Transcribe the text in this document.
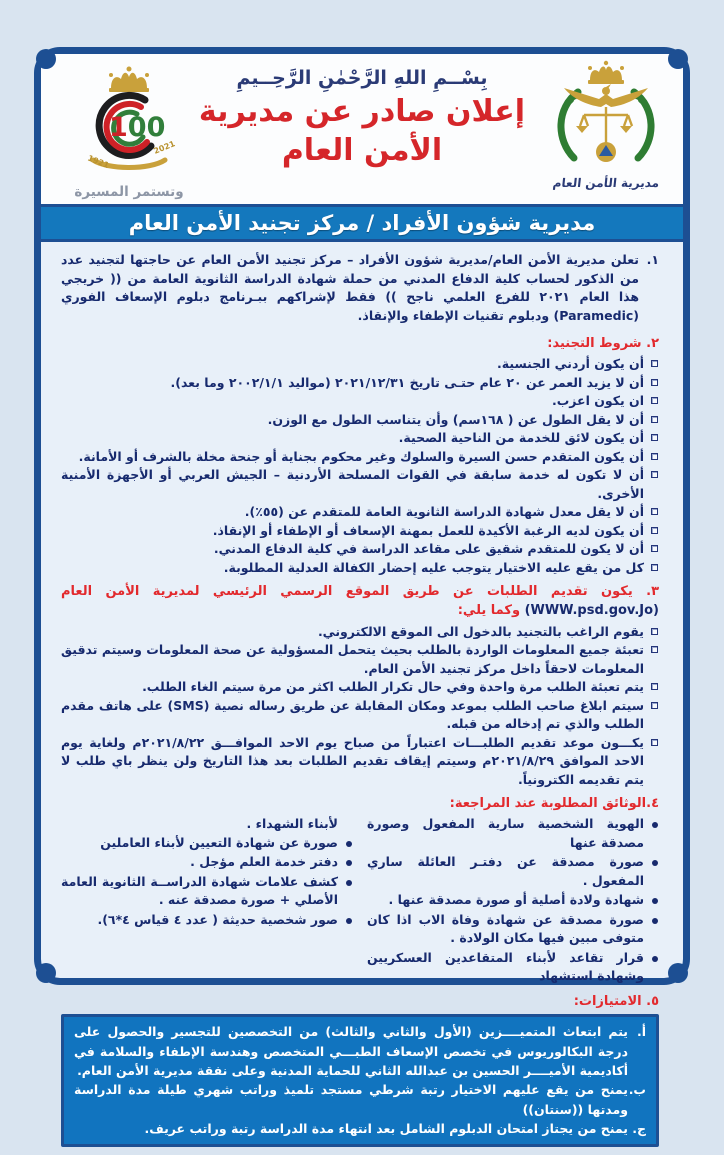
بِسْــمِ اللهِ الرَّحْمٰنِ الرَّحِــيمِ
إعلان صادر عن مديرية
الأمن العام
100
1921
2021
وتستمر المسيرة
مديرية الأمن العام
مديرية شؤون الأفراد / مركز تجنيد الأمن العام
١.
تعلن مديرية الأمن العام/مديرية شؤون الأفراد – مركز تجنيد الأمن العام عن حاجتها لتجنيد عدد من الذكور لحساب كلية الدفاع المدني من حملة شهادة الدراسة الثانوية العامة من (( خريجي هذا العام ٢٠٢١ للفرع العلمي ناجح )) فقط لإشراكهم ببـرنامج دبلوم الإسعاف الفوري (Paramedic) ودبلوم تقنيات الإطفاء والإنقاذ.
٢. شروط التجنيد:
أن يكون أردني الجنسية.
أن لا يزيد العمر عن ٢٠ عام حتـى تاريخ ٢٠٢١/١٢/٣١ (مواليد ٢٠٠٢/١/١ وما بعد).
ان يكون اعزب.
أن لا يقل الطول عن ( ١٦٨سم) وأن يتناسب الطول مع الوزن.
أن يكون لائق للخدمة من الناحية الصحية.
أن يكون المتقدم حسن السيرة والسلوك وغير محكوم بجناية أو جنحة مخلة بالشرف أو الأمانة.
أن لا تكون له خدمة سابقة في القوات المسلحة الأردنية – الجيش العربي أو الأجهزة الأمنية الأخرى.
أن لا يقل معدل شهادة الدراسة الثانوية العامة للمتقدم عن (٥٥٪).
أن يكون لديه الرغبة الأكيدة للعمل بمهنة الإسعاف أو الإطفاء أو الإنقاذ.
أن لا يكون للمتقدم شقيق على مقاعد الدراسة في كلية الدفاع المدني.
كل من يقع عليه الاختيار يتوجب عليه إحضار الكفالة العدلية المطلوبة.
٣. يكون تقديم الطلبات عن طريق الموقع الرسمي الرئيسي لمديرية الأمن العام (WWW.psd.gov.Jo) وكما يلي:
يقوم الراغب بالتجنيد بالدخول الى الموقع الالكتروني.
تعبئة جميع المعلومات الواردة بالطلب بحيث يتحمل المسؤولية عن صحة المعلومات وسيتم تدقيق المعلومات لاحقاً داخل مركز تجنيد الأمن العام.
يتم تعبئة الطلب مرة واحدة وفي حال تكرار الطلب اكثر من مرة سيتم الغاء الطلب.
سيتم ابلاغ صاحب الطلب بموعد ومكان المقابلة عن طريق رساله نصية (SMS) على هاتف مقدم الطلب والذي تم إدخاله من قبله.
يكـــون موعد تقديم الطلبـــات اعتباراً من صباح يوم الاحد الموافـــق ٢٠٢١/٨/٢٢م ولغاية يوم الاحد الموافق ٢٠٢١/٨/٢٩م وسيتم إيقاف تقديم الطلبات بعد هذا التاريخ ولن ينظر باي طلب لا يتم تقديمه الكترونياً.
٤.الوثائق المطلوبة عند المراجعة:
الهوية الشخصية سارية المفعول وصورة مصدقة عنها
صورة مصدقة عن دفتـر العائلة ساري المفعول .
شهادة ولادة أصلية أو صورة مصدقة عنها .
صورة مصدقة عن شهادة وفاة الاب اذا كان متوفى مبين فيها مكان الولادة .
قرار تقاعد لأبناء المتقاعدين العسكريين وشهادة استشهاد
لأبناء الشهداء .
صورة عن شهادة التعيين لأبناء العاملين
دفتر خدمة العلم مؤجل .
كشف علامات شهادة الدراســة الثانوية العامة الأصلي + صورة مصدقة عنه .
صور شخصية حديثة ( عدد ٤ قياس ٤*٦).
٥. الامتيازات:
أ.
يتم ابتعاث المتميــــزين (الأول والثاني والثالث) من التخصصين للتجسير والحصول على درجة البكالوريوس في تخصص الإسعاف الطبـــي المتخصص وهندسة الإطفاء والسلامة في أكاديمية الأميــــر الحسين بن عبدالله الثاني للحماية المدنية وعلى نفقة مديرية الأمن العام.
ب.
يمنح من يقع عليهم الاختيار رتبة شرطي مستجد تلميذ وراتب شهري طيلة مدة الدراسة ومدتها ((سنتان))
ج.
يمنح من يجتاز امتحان الدبلوم الشامل بعد انتهاء مدة الدراسة رتبة وراتب عريف.
